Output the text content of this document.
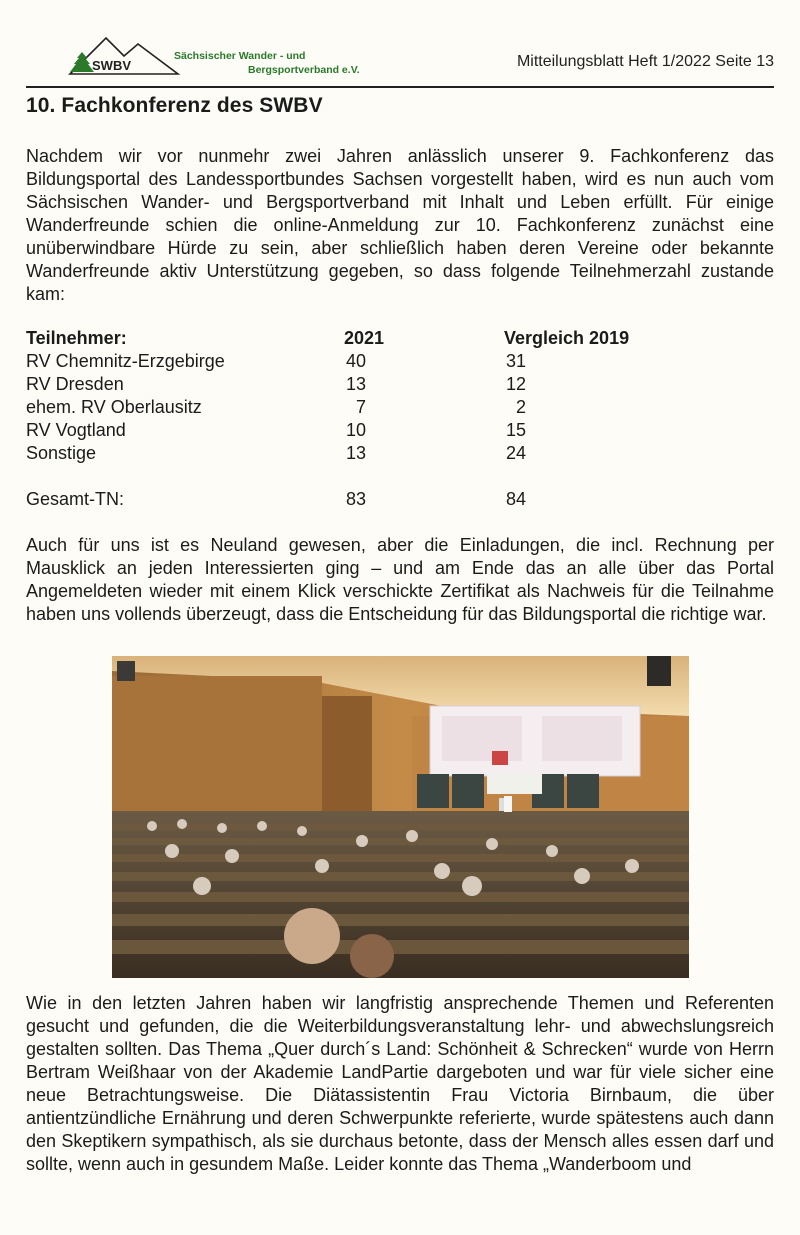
SWBV
Sächsischer Wander - und
Bergsportverband e.V.	Mitteilungsblatt Heft 1/2022 Seite 13
10. Fachkonferenz des SWBV

Nachdem wir vor nunmehr zwei Jahren anlässlich unserer 9. Fachkonferenz das Bildungsportal des Landessportbundes Sachsen vorgestellt haben, wird es nun auch vom Sächsischen Wander- und Bergsportverband mit Inhalt und Leben erfüllt. Für einige Wanderfreunde schien die online-Anmeldung zur 10. Fachkonferenz zunächst eine unüberwindbare Hürde zu sein, aber schließlich haben deren Vereine oder bekannte Wanderfreunde aktiv Unterstützung gegeben, so dass folgende Teilnehmerzahl zustande kam:

Teilnehmer:	2021	Vergleich 2019
RV Chemnitz-Erzgebirge	40	31
RV Dresden	13	12
ehem. RV Oberlausitz	7	2
RV Vogtland	10	15
Sonstige	13	24
Gesamt-TN:	83	84

Auch für uns ist es Neuland gewesen, aber die Einladungen, die incl. Rechnung per Mausklick an jeden Interessierten ging – und am Ende das an alle über das Portal Angemeldeten wieder mit einem Klick verschickte Zertifikat als Nachweis für die Teilnahme haben uns vollends überzeugt, dass die Entscheidung für das Bildungsportal die richtige war.

Wie in den letzten Jahren haben wir langfristig ansprechende Themen und Referenten gesucht und gefunden, die die Weiterbildungsveranstaltung lehr- und abwechslungsreich gestalten sollten. Das Thema „Quer durch´s Land: Schönheit & Schrecken“ wurde von Herrn Bertram Weißhaar von der Akademie LandPartie dargeboten und war für viele sicher eine neue Betrachtungsweise. Die Diätassistentin Frau Victoria Birnbaum, die über antientzündliche Ernährung und deren Schwerpunkte referierte, wurde spätestens auch dann den Skeptikern sympathisch, als sie durchaus betonte, dass der Mensch alles essen darf und sollte, wenn auch in gesundem Maße. Leider konnte das Thema „Wanderboom und
